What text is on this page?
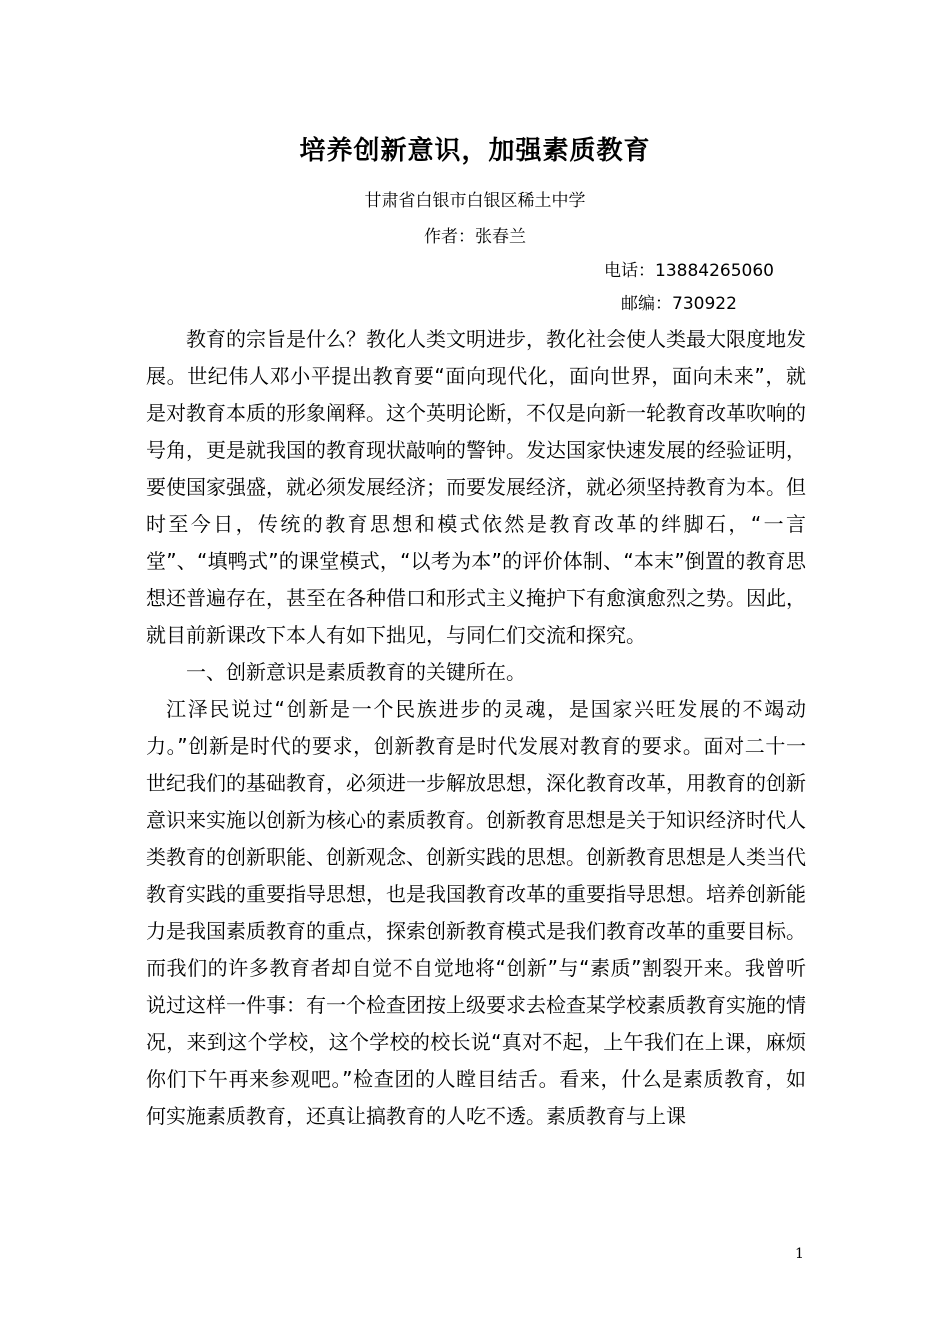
培养创新意识，加强素质教育
甘肃省白银市白银区稀土中学
作者：张春兰
电话：13884265060
邮编：730922

教育的宗旨是什么？教化人类文明进步，教化社会使人类最大限度地发展。世纪伟人邓小平提出教育要“面向现代化，面向世界，面向未来”，就是对教育本质的形象阐释。这个英明论断，不仅是向新一轮教育改革吹响的号角，更是就我国的教育现状敲响的警钟。发达国家快速发展的经验证明，要使国家强盛，就必须发展经济；而要发展经济，就必须坚持教育为本。但时至今日，传统的教育思想和模式依然是教育改革的绊脚石，“一言堂”、“填鸭式”的课堂模式，“以考为本”的评价体制、“本末”倒置的教育思想还普遍存在，甚至在各种借口和形式主义掩护下有愈演愈烈之势。因此，就目前新课改下本人有如下拙见，与同仁们交流和探究。

一、创新意识是素质教育的关键所在。

江泽民说过“创新是一个民族进步的灵魂，是国家兴旺发展的不竭动力。”创新是时代的要求，创新教育是时代发展对教育的要求。面对二十一世纪我们的基础教育，必须进一步解放思想，深化教育改革，用教育的创新意识来实施以创新为核心的素质教育。创新教育思想是关于知识经济时代人类教育的创新职能、创新观念、创新实践的思想。创新教育思想是人类当代教育实践的重要指导思想，也是我国教育改革的重要指导思想。培养创新能力是我国素质教育的重点，探索创新教育模式是我们教育改革的重要目标。而我们的许多教育者却自觉不自觉地将“创新”与“素质”割裂开来。我曾听说过这样一件事：有一个检查团按上级要求去检查某学校素质教育实施的情况，来到这个学校，这个学校的校长说“真对不起，上午我们在上课，麻烦你们下午再来参观吧。”检查团的人瞠目结舌。看来，什么是素质教育，如何实施素质教育，还真让搞教育的人吃不透。素质教育与上课

1
